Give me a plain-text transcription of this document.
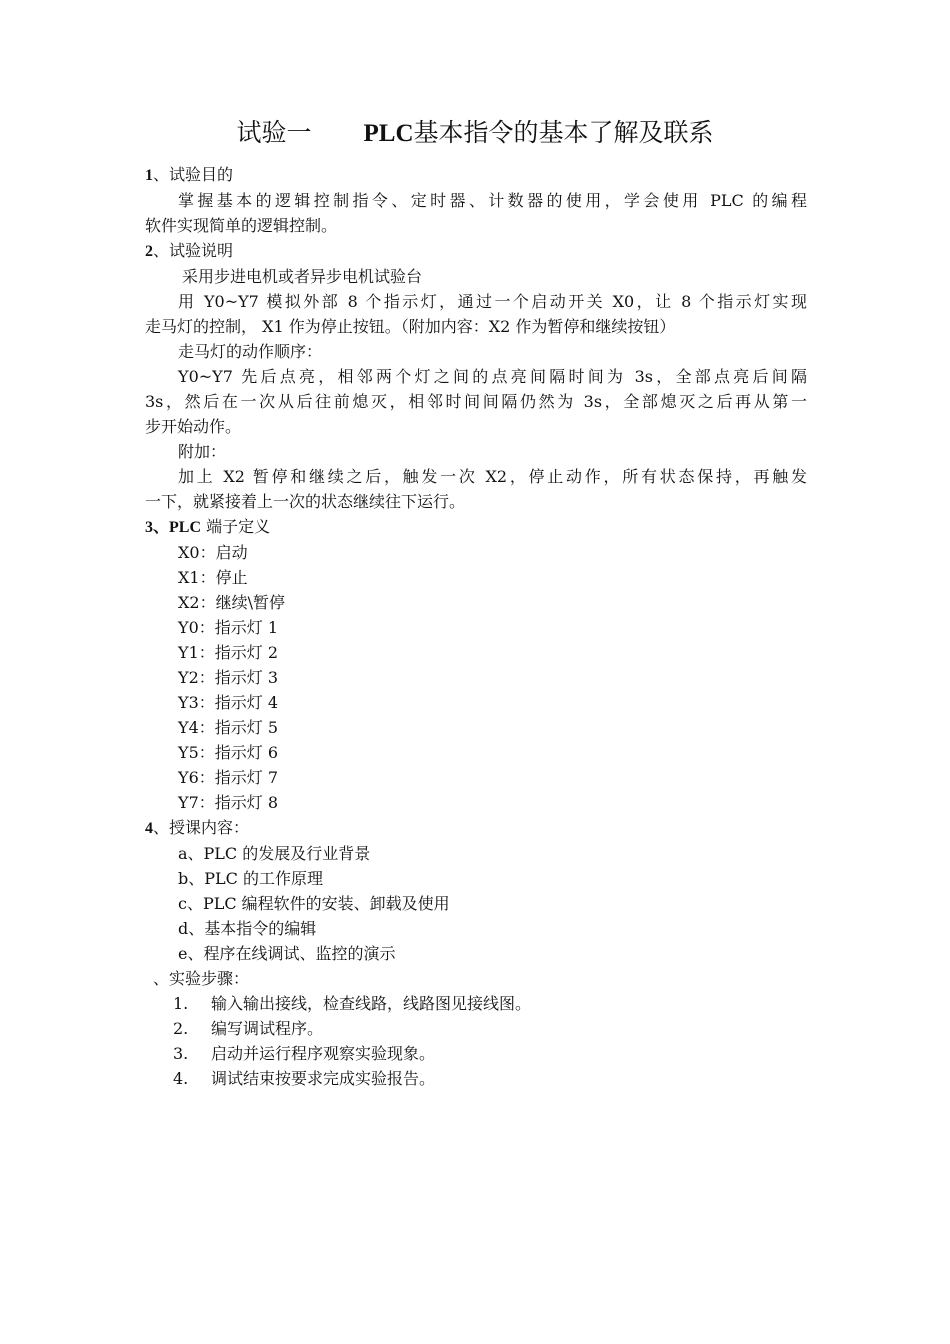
试验一 PLC基本指令的基本了解及联系

1、试验目的

掌握基本的逻辑控制指令、定时器、计数器的使用，学会使用 PLC 的编程

软件实现简单的逻辑控制。

2、试验说明

采用步进电机或者异步电机试验台

用 Y0~Y7 模拟外部 8 个指示灯，通过一个启动开关 X0，让 8 个指示灯实现

走马灯的控制， X1 作为停止按钮。（附加内容：X2 作为暂停和继续按钮）

走马灯的动作顺序：

Y0~Y7 先后点亮，相邻两个灯之间的点亮间隔时间为 3s，全部点亮后间隔

3s，然后在一次从后往前熄灭，相邻时间间隔仍然为 3s，全部熄灭之后再从第一

步开始动作。

附加：

加上 X2 暂停和继续之后，触发一次 X2，停止动作，所有状态保持，再触发

一下，就紧接着上一次的状态继续往下运行。

3、PLC 端子定义

X0：启动

X1：停止

X2：继续\暂停

Y0：指示灯 1

Y1：指示灯 2

Y2：指示灯 3

Y3：指示灯 4

Y4：指示灯 5

Y5：指示灯 6

Y6：指示灯 7

Y7：指示灯 8

4、授课内容：

a、PLC 的发展及行业背景

b、PLC 的工作原理

c、PLC 编程软件的安装、卸载及使用

d、基本指令的编辑

e、程序在线调试、监控的演示

、实验步骤：

1. 输入输出接线，检查线路，线路图见接线图。

2. 编写调试程序。

3. 启动并运行程序观察实验现象。

4. 调试结束按要求完成实验报告。
